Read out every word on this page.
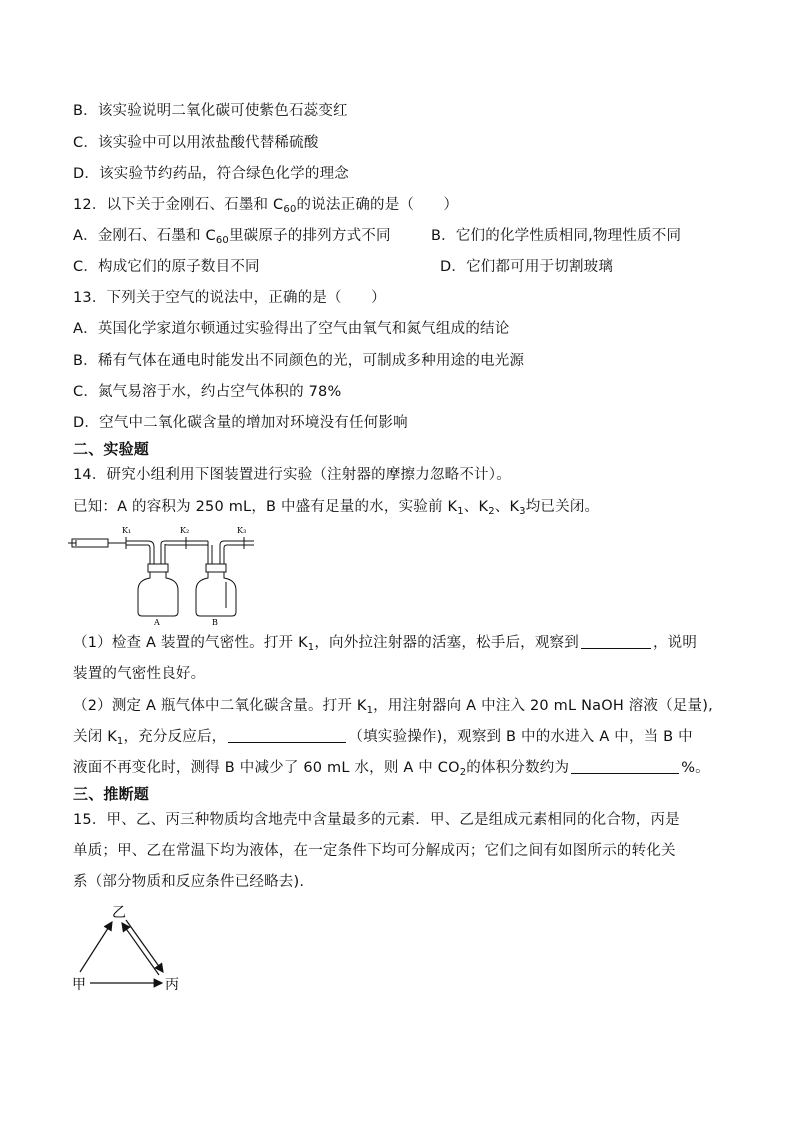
B．该实验说明二氧化碳可使紫色石蕊变红
C．该实验中可以用浓盐酸代替稀硫酸
D．该实验节约药品，符合绿色化学的理念
12．以下关于金刚石、石墨和 $C_{60}$的说法正确的是（　　）
A．金刚石、石墨和 $C_{60}$里碳原子的排列方式不同	B．它们的化学性质相同,物理性质不同
C．构成它们的原子数目不同	D．它们都可用于切割玻璃
13．下列关于空气的说法中，正确的是（　　）
A．英国化学家道尔顿通过实验得出了空气由氧气和氮气组成的结论
B．稀有气体在通电时能发出不同颜色的光，可制成多种用途的电光源
C．氮气易溶于水，约占空气体积的 78%
D．空气中二氧化碳含量的增加对环境没有任何影响
二、实验题
14．研究小组利用下图装置进行实验（注射器的摩擦力忽略不计）。
已知：A 的容积为 250 mL，B 中盛有足量的水，实验前 $K_1$、$K_2$、$K_3$均已关闭。
K₁	K₂	K₃
A	B
（1）检查 A 装置的气密性。打开 $K_1$，向外拉注射器的活塞，松手后，观察到	，说明
装置的气密性良好。
（2）测定 A 瓶气体中二氧化碳含量。打开 $K_1$，用注射器向 A 中注入 20 mL NaOH 溶液（足量),
关闭 $K_1$，充分反应后，	（填实验操作)，观察到 B 中的水进入 A 中，当 B 中
液面不再变化时，测得 B 中减少了 60 mL 水，则 A 中 $CO_2$的体积分数约为	%。
三、推断题
15．甲、乙、丙三种物质均含地壳中含量最多的元素．甲、乙是组成元素相同的化合物，丙是
单质；甲、乙在常温下均为液体，在一定条件下均可分解成丙；它们之间有如图所示的转化关
系（部分物质和反应条件已经略去).
乙
甲	丙
